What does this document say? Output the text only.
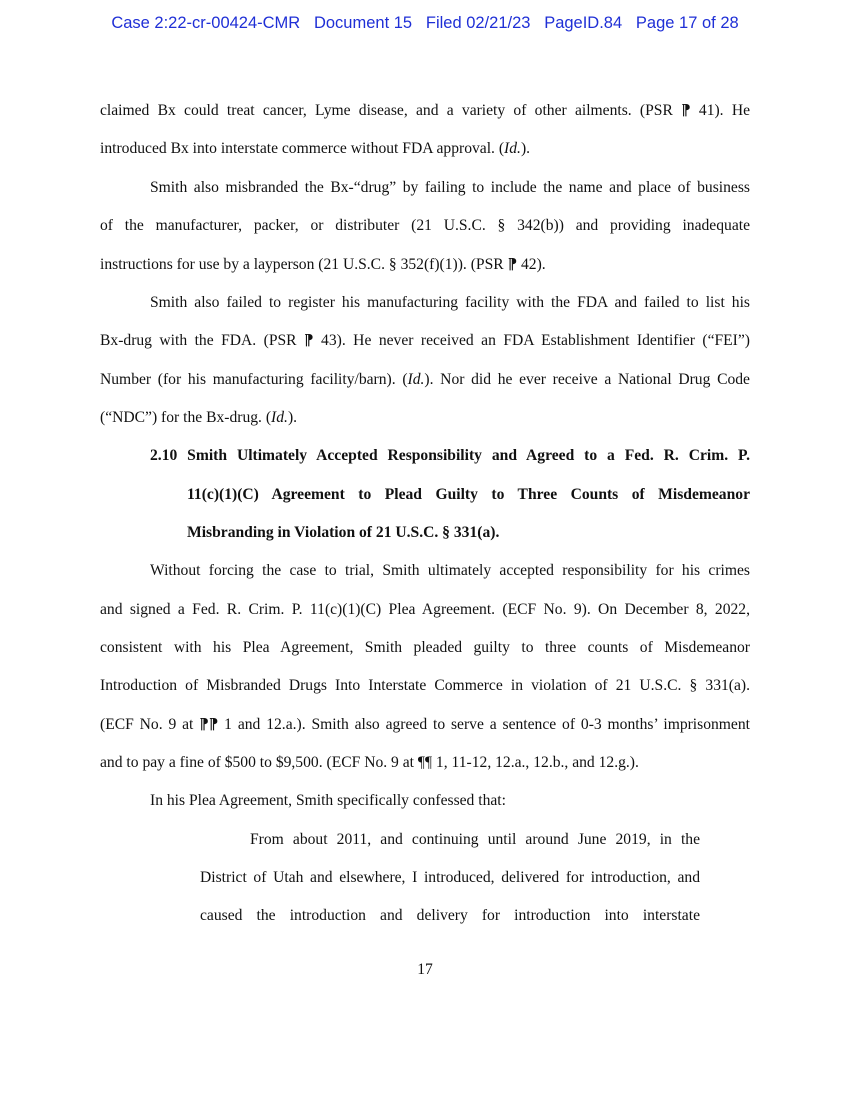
Case 2:22-cr-00424-CMR   Document 15   Filed 02/21/23   PageID.84   Page 17 of 28
claimed Bx could treat cancer, Lyme disease, and a variety of other ailments. (PSR ⁋ 41). He
introduced Bx into interstate commerce without FDA approval. (Id.).
Smith also misbranded the Bx-“drug” by failing to include the name and place of business
of the manufacturer, packer, or distributer (21 U.S.C. § 342(b)) and providing inadequate
instructions for use by a layperson (21 U.S.C. § 352(f)(1)). (PSR ⁋ 42).
Smith also failed to register his manufacturing facility with the FDA and failed to list his
Bx-drug with the FDA. (PSR ⁋ 43). He never received an FDA Establishment Identifier (“FEI”)
Number (for his manufacturing facility/barn). (Id.). Nor did he ever receive a National Drug Code
(“NDC”) for the Bx-drug. (Id.).
2.10 Smith Ultimately Accepted Responsibility and Agreed to a Fed. R. Crim. P.
11(c)(1)(C) Agreement to Plead Guilty to Three Counts of Misdemeanor
Misbranding in Violation of 21 U.S.C. § 331(a).
Without forcing the case to trial, Smith ultimately accepted responsibility for his crimes
and signed a Fed. R. Crim. P. 11(c)(1)(C) Plea Agreement. (ECF No. 9). On December 8, 2022,
consistent with his Plea Agreement, Smith pleaded guilty to three counts of Misdemeanor
Introduction of Misbranded Drugs Into Interstate Commerce in violation of 21 U.S.C. § 331(a).
(ECF No. 9 at ⁋⁋ 1 and 12.a.). Smith also agreed to serve a sentence of 0-3 months’ imprisonment
and to pay a fine of $500 to $9,500. (ECF No. 9 at ¶¶ 1, 11-12, 12.a., 12.b., and 12.g.).
In his Plea Agreement, Smith specifically confessed that:
From about 2011, and continuing until around June 2019, in the
District of Utah and elsewhere, I introduced, delivered for introduction, and
caused the introduction and delivery for introduction into interstate
17
